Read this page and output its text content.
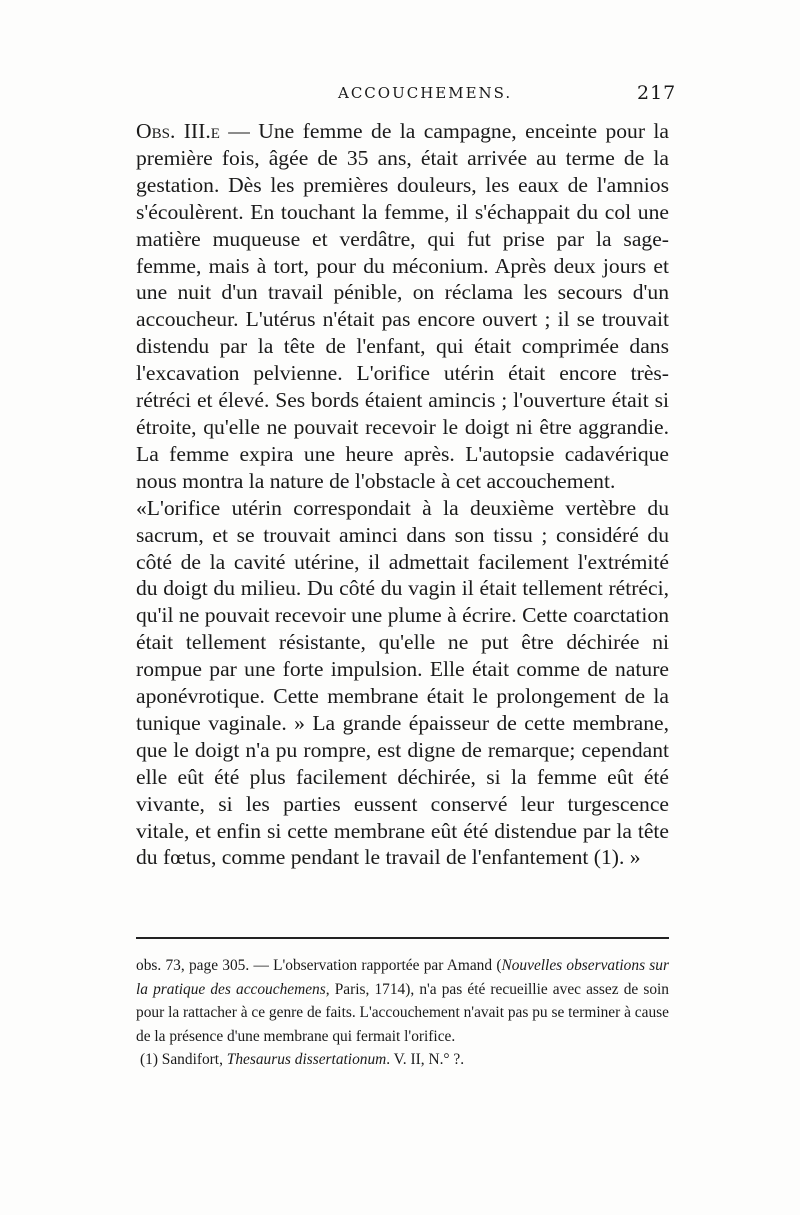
ACCOUCHEMENS.	217

Obs. III.e — Une femme de la campagne, enceinte pour la première fois, âgée de 35 ans, était arrivée au terme de la gestation. Dès les premières douleurs, les eaux de l'amnios s'écoulèrent. En touchant la femme, il s'échappait du col une matière muqueuse et verdâtre, qui fut prise par la sage-femme, mais à tort, pour du méconium. Après deux jours et une nuit d'un travail pénible, on réclama les secours d'un accoucheur. L'utérus n'était pas encore ouvert ; il se trouvait distendu par la tête de l'enfant, qui était comprimée dans l'excavation pelvienne. L'orifice utérin était encore très-rétréci et élevé. Ses bords étaient amincis ; l'ouverture était si étroite, qu'elle ne pouvait recevoir le doigt ni être aggrandie. La femme expira une heure après. L'autopsie cadavérique nous montra la nature de l'obstacle à cet accouchement.

«L'orifice utérin correspondait à la deuxième vertèbre du sacrum, et se trouvait aminci dans son tissu ; considéré du côté de la cavité utérine, il admettait facilement l'extrémité du doigt du milieu. Du côté du vagin il était tellement rétréci, qu'il ne pouvait recevoir une plume à écrire. Cette coarctation était tellement résistante, qu'elle ne put être déchirée ni rompue par une forte impulsion. Elle était comme de nature aponévrotique. Cette membrane était le prolongement de la tunique vaginale. » La grande épaisseur de cette membrane, que le doigt n'a pu rompre, est digne de remarque; cependant elle eût été plus facilement déchirée, si la femme eût été vivante, si les parties eussent conservé leur turgescence vitale, et enfin si cette membrane eût été distendue par la tête du fœtus, comme pendant le travail de l'enfantement (1). »

obs. 73, page 305. — L'observation rapportée par Amand (Nouvelles observations sur la pratique des accouchemens, Paris, 1714), n'a pas été recueillie avec assez de soin pour la rattacher à ce genre de faits. L'accouchement n'avait pas pu se terminer à cause de la présence d'une membrane qui fermait l'orifice.

(1) Sandifort, Thesaurus dissertationum. V. II, N.° ?.
